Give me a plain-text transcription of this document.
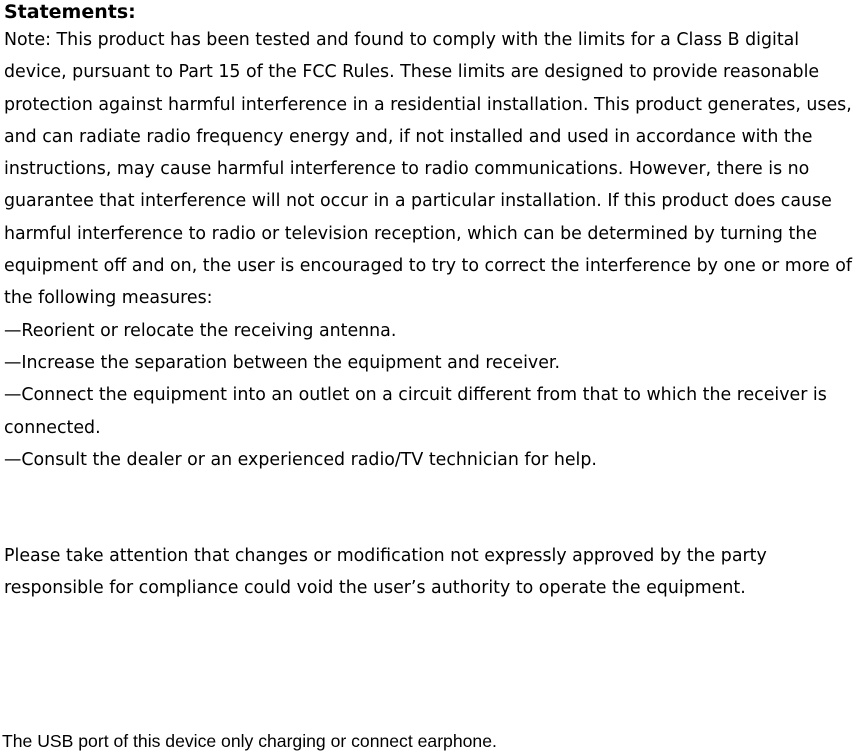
Statements:

Note: This product has been tested and found to comply with the limits for a Class B digital device, pursuant to Part 15 of the FCC Rules. These limits are designed to provide reasonable protection against harmful interference in a residential installation. This product generates, uses, and can radiate radio frequency energy and, if not installed and used in accordance with the instructions, may cause harmful interference to radio communications. However, there is no guarantee that interference will not occur in a particular installation. If this product does cause harmful interference to radio or television reception, which can be determined by turning the equipment off and on, the user is encouraged to try to correct the interference by one or more of the following measures:

—Reorient or relocate the receiving antenna.

—Increase the separation between the equipment and receiver.

—Connect the equipment into an outlet on a circuit different from that to which the receiver is connected.

—Consult the dealer or an experienced radio/TV technician for help.

Please take attention that changes or modification not expressly approved by the party responsible for compliance could void the user’s authority to operate the equipment.

The USB port of this device only charging or connect earphone.
